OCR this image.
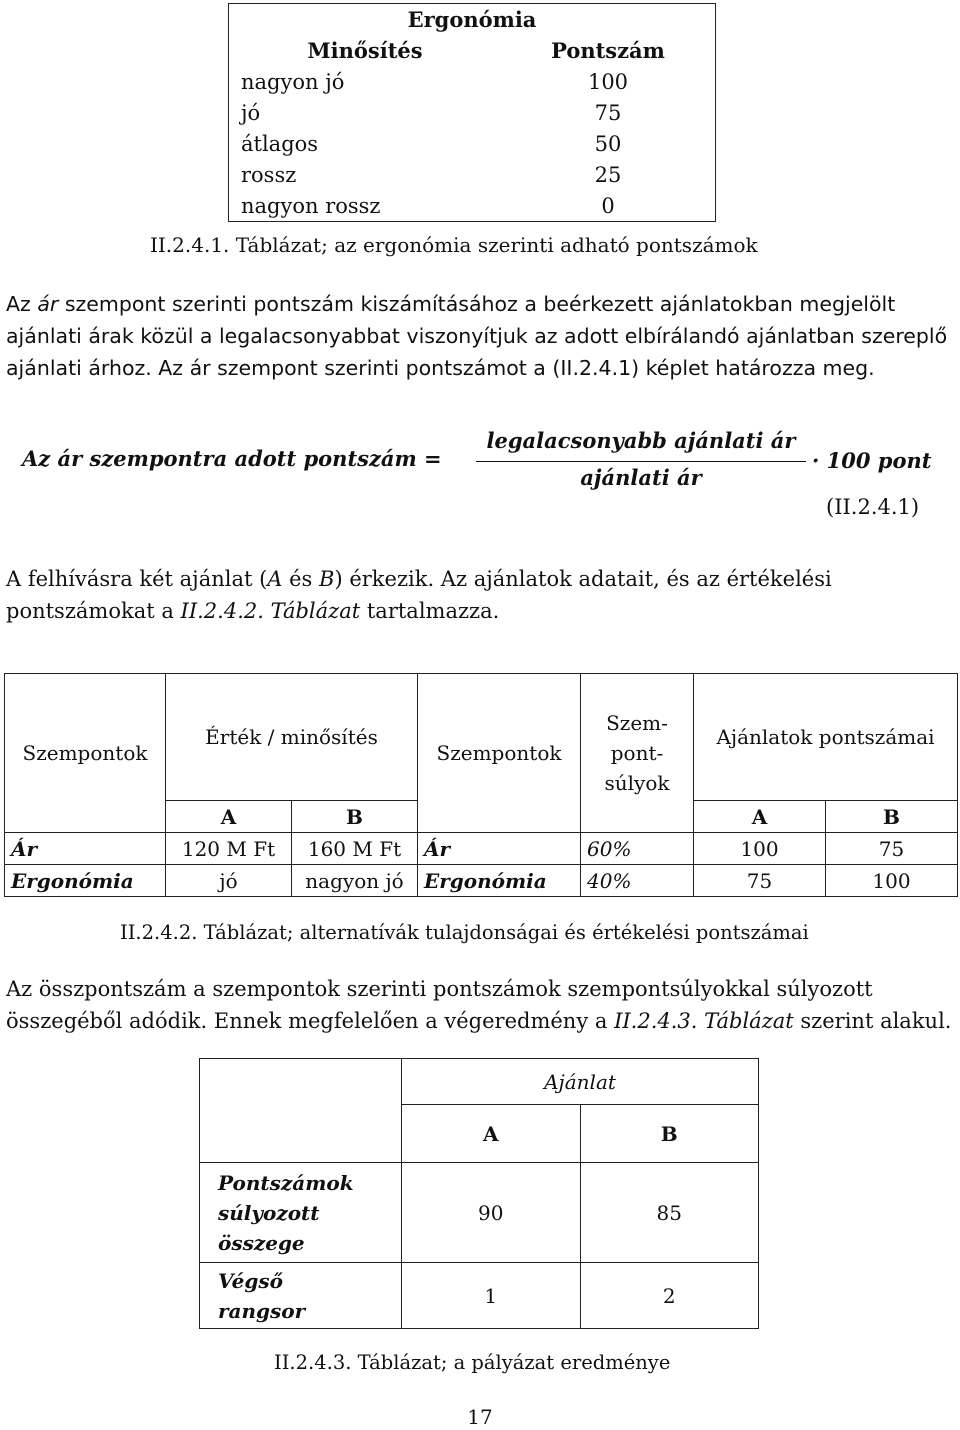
Ergonómia	
Minősítés	Pontszám
nagyon jó	100
jó	75
átlagos	50
rossz	25
nagyon rossz	0
II.2.4.1. Táblázat; az ergonómia szerinti adható pontszámok
Az ár szempont szerinti pontszám kiszámításához a beérkezett ajánlatokban megjelölt ajánlati árak közül a legalacsonyabbat viszonyítjuk az adott elbírálandó ajánlatban szereplő ajánlati árhoz. Az ár szempont szerinti pontszámot a (II.2.4.1) képlet határozza meg.
Az ár szempontra adott pontszám =
legalacsonyabb ajánlati ár
ajánlati ár
· 100 pont
(II.2.4.1)
A felhívásra két ajánlat (A és B) érkezik. Az ajánlatok adatait, és az értékelési pontszámokat a II.2.4.2. Táblázat tartalmazza.
Szempontok	Érték / minősítés		Szempontok	Szem-
pont-
súlyok	Ajánlatok pontszámai	
	A	B			A	B
Ár	120 M Ft	160 M Ft	Ár	60%	100	75
Ergonómia	jó	nagyon jó	Ergonómia	40%	75	100
II.2.4.2. Táblázat; alternatívák tulajdonságai és értékelési pontszámai
Az összpontszám a szempontok szerinti pontszámok szempontsúlyokkal súlyozott összegéből adódik. Ennek megfelelően a végeredmény a II.2.4.3. Táblázat szerint alakul.
	Ajánlat	
	A	B

Pontszámok
súlyozott
összege	90	85

Végső
rangsor	1	2
II.2.4.3. Táblázat; a pályázat eredménye
17
